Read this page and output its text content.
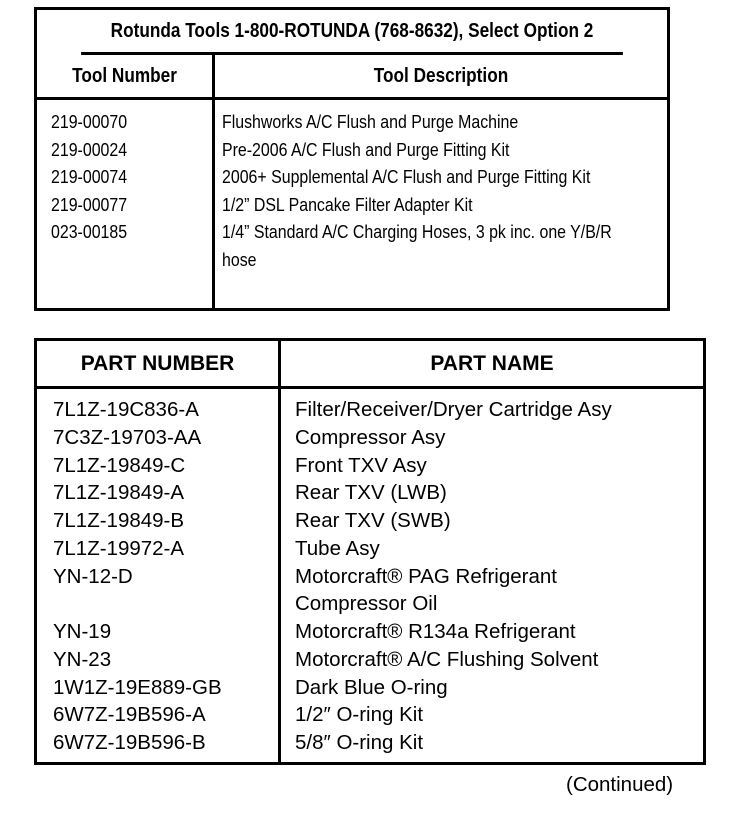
Rotunda Tools 1-800-ROTUNDA (768-8632), Select Option 2
Tool Number	Tool Description
219-00070	Flushworks A/C Flush and Purge Machine
219-00024	Pre-2006 A/C Flush and Purge Fitting Kit
219-00074	2006+ Supplemental A/C Flush and Purge Fitting Kit
219-00077	1/2” DSL Pancake Filter Adapter Kit
023-00185	1/4” Standard A/C Charging Hoses, 3 pk inc. one Y/B/R hose
PART NUMBER	PART NAME
7L1Z-19C836-A	Filter/Receiver/Dryer Cartridge Asy
7C3Z-19703-AA	Compressor Asy
7L1Z-19849-C	Front TXV Asy
7L1Z-19849-A	Rear TXV (LWB)
7L1Z-19849-B	Rear TXV (SWB)
7L1Z-19972-A	Tube Asy
YN-12-D	Motorcraft® PAG Refrigerant
Compressor Oil
YN-19	Motorcraft® R134a Refrigerant
YN-23	Motorcraft® A/C Flushing Solvent
1W1Z-19E889-GB	Dark Blue O-ring
6W7Z-19B596-A	1/2″ O-ring Kit
6W7Z-19B596-B	5/8″ O-ring Kit
(Continued)
